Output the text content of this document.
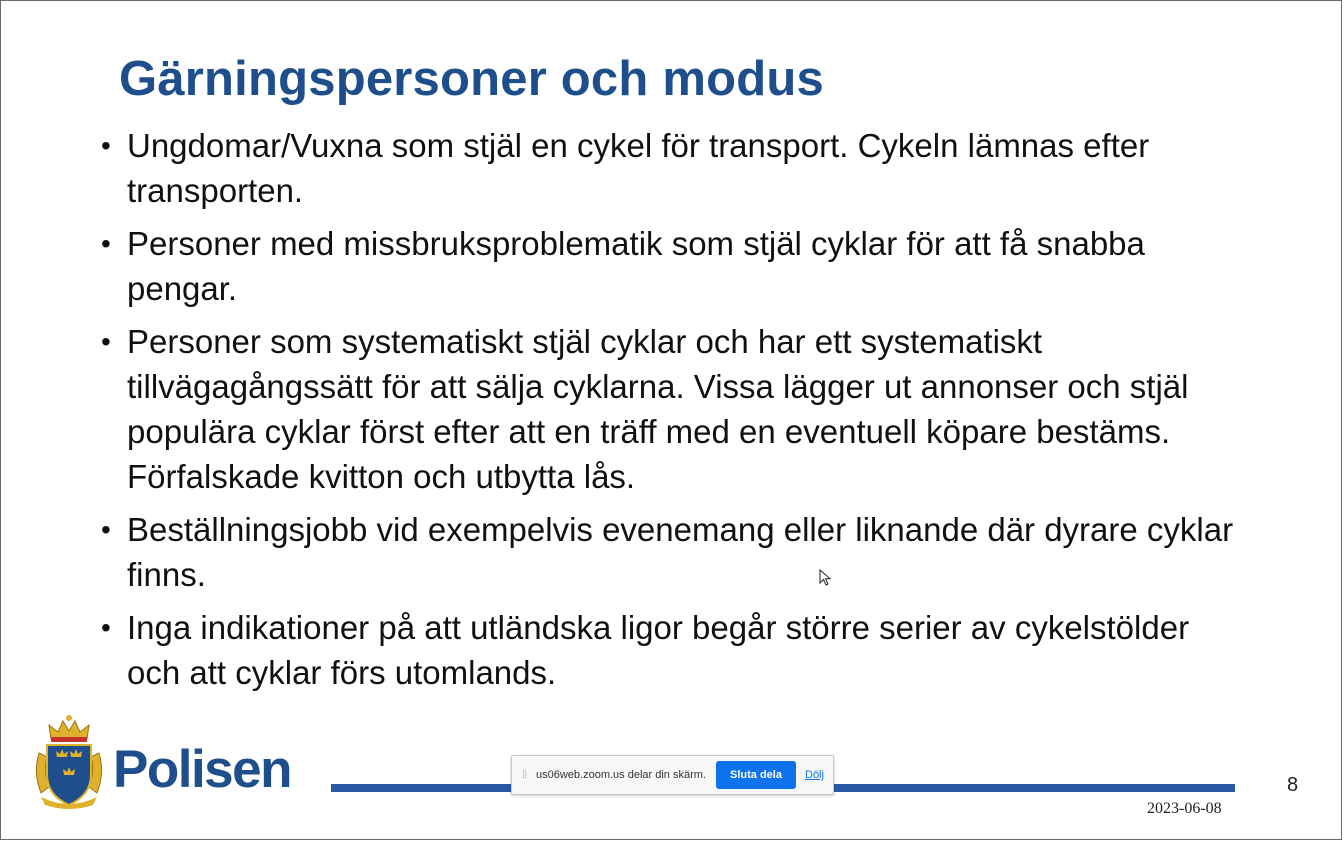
Gärningspersoner och modus
• Ungdomar/Vuxna som stjäl en cykel för transport. Cykeln lämnas efter transporten.
• Personer med missbruksproblematik som stjäl cyklar för att få snabba pengar.
• Personer som systematiskt stjäl cyklar och har ett systematiskt tillvägagångssätt för att sälja cyklarna. Vissa lägger ut annonser och stjäl populära cyklar först efter att en träff med en eventuell köpare bestäms. Förfalskade kvitton och utbytta lås.
• Beställningsjobb vid exempelvis evenemang eller liknande där dyrare cyklar finns.
• Inga indikationer på att utländska ligor begår större serier av cykelstölder och att cyklar förs utomlands.
Polisen	8
2023-06-08
⁞⁞ us06web.zoom.us delar din skärm.	Sluta dela	Dölj
